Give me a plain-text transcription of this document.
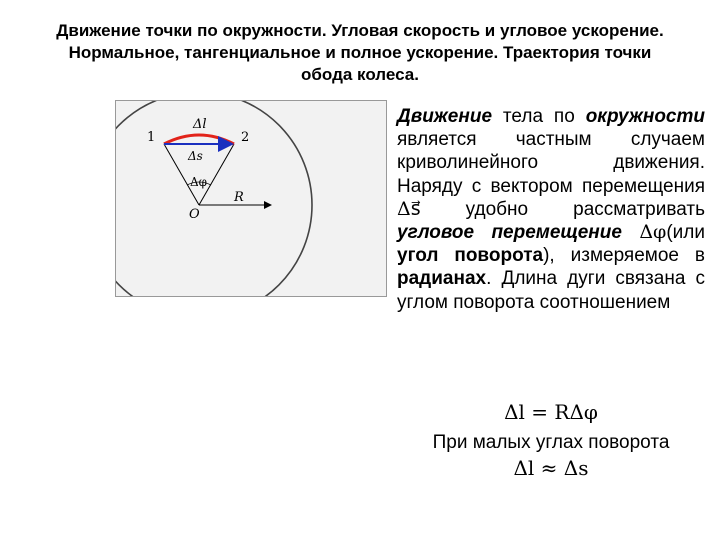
Движение точки по окружности. Угловая скорость и угловое ускорение.
Нормальное, тангенциальное и полное ускорение. Траектория точки
обода колеса.
1	2
Δl
Δs
Δφ
O
R
Движение тела по окружности является частным случаем криволинейного движения. Наряду с вектором перемещения Δs⃗ удобно рассматривать угловое перемещение Δφ(или угол поворота), измеряемое в радианах. Длина дуги связана с углом поворота соотношением
Δl = RΔφ
При малых углах поворота
Δl ≈ Δs
